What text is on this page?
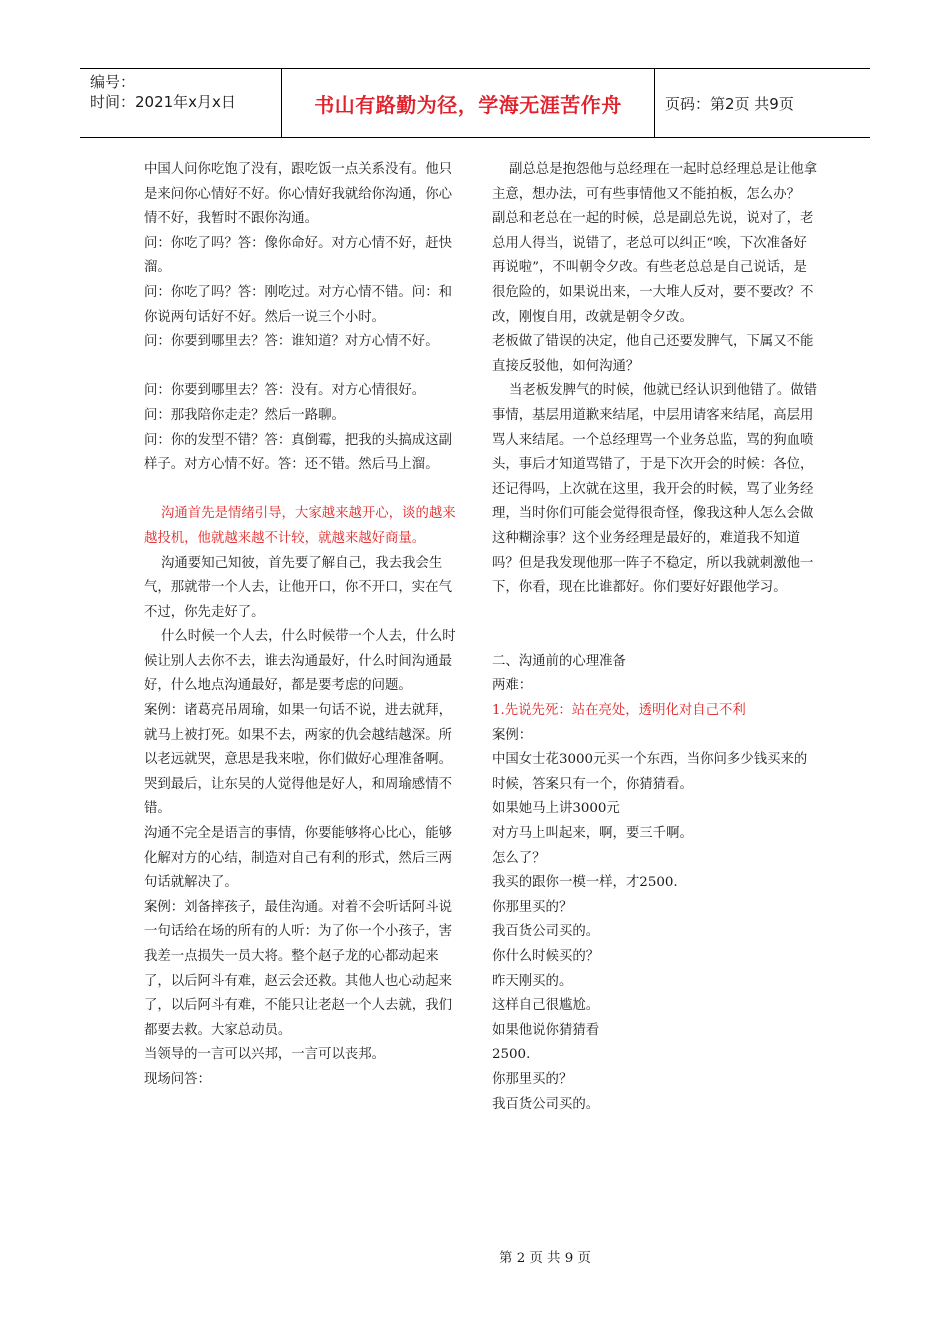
编号：
时间：2021年x月x日	书山有路勤为径，学海无涯苦作舟	页码：第2页 共9页

中国人问你吃饱了没有，跟吃饭一点关系没有。他只是来问你心情好不好。你心情好我就给你沟通，你心情不好，我暂时不跟你沟通。

问：你吃了吗？答：像你命好。对方心情不好，赶快溜。

问：你吃了吗？答：刚吃过。对方心情不错。问：和你说两句话好不好。然后一说三个小时。

问：你要到哪里去？答：谁知道？对方心情不好。

问：你要到哪里去？答：没有。对方心情很好。

问：那我陪你走走？然后一路聊。

问：你的发型不错？答：真倒霉，把我的头搞成这副样子。对方心情不好。答：还不错。然后马上溜。

沟通首先是情绪引导，大家越来越开心，谈的越来越投机，他就越来越不计较，就越来越好商量。

沟通要知己知彼，首先要了解自己，我去我会生气，那就带一个人去，让他开口，你不开口，实在气不过，你先走好了。

什么时候一个人去，什么时候带一个人去，什么时候让别人去你不去，谁去沟通最好，什么时间沟通最好，什么地点沟通最好，都是要考虑的问题。

案例：诸葛亮吊周瑜，如果一句话不说，进去就拜，就马上被打死。如果不去，两家的仇会越结越深。所以老远就哭，意思是我来啦，你们做好心理准备啊。哭到最后，让东吴的人觉得他是好人，和周瑜感情不错。

沟通不完全是语言的事情，你要能够将心比心，能够化解对方的心结，制造对自己有利的形式，然后三两句话就解决了。

案例：刘备摔孩子，最佳沟通。对着不会听话阿斗说一句话给在场的所有的人听：为了你一个小孩子，害我差一点损失一员大将。整个赵子龙的心都动起来了，以后阿斗有难，赵云会还救。其他人也心动起来了，以后阿斗有难，不能只让老赵一个人去就，我们都要去救。大家总动员。

当领导的一言可以兴邦，一言可以丧邦。

现场问答：

副总总是抱怨他与总经理在一起时总经理总是让他拿主意，想办法，可有些事情他又不能拍板，怎么办？

副总和老总在一起的时候，总是副总先说，说对了，老总用人得当，说错了，老总可以纠正“唉，下次准备好再说啦”，不叫朝令夕改。有些老总总是自己说话，是很危险的，如果说出来，一大堆人反对，要不要改？不改，刚愎自用，改就是朝令夕改。

老板做了错误的决定，他自己还要发脾气，下属又不能直接反驳他，如何沟通？

当老板发脾气的时候，他就已经认识到他错了。做错事情，基层用道歉来结尾，中层用请客来结尾，高层用骂人来结尾。一个总经理骂一个业务总监，骂的狗血喷头，事后才知道骂错了，于是下次开会的时候：各位，还记得吗，上次就在这里，我开会的时候，骂了业务经理，当时你们可能会觉得很奇怪，像我这种人怎么会做这种糊涂事？这个业务经理是最好的，难道我不知道吗？但是我发现他那一阵子不稳定，所以我就刺激他一下，你看，现在比谁都好。你们要好好跟他学习。

二、沟通前的心理准备

两难：

1.先说先死：站在亮处，透明化对自己不利

案例：

中国女士花3000元买一个东西，当你问多少钱买来的时候，答案只有一个，你猜猜看。

如果她马上讲3000元

对方马上叫起来，啊，要三千啊。

怎么了？

我买的跟你一模一样，才2500.

你那里买的？

我百货公司买的。

你什么时候买的？

昨天刚买的。

这样自己很尴尬。

如果他说你猜猜看

2500.

你那里买的？

我百货公司买的。

第 2 页 共 9 页
